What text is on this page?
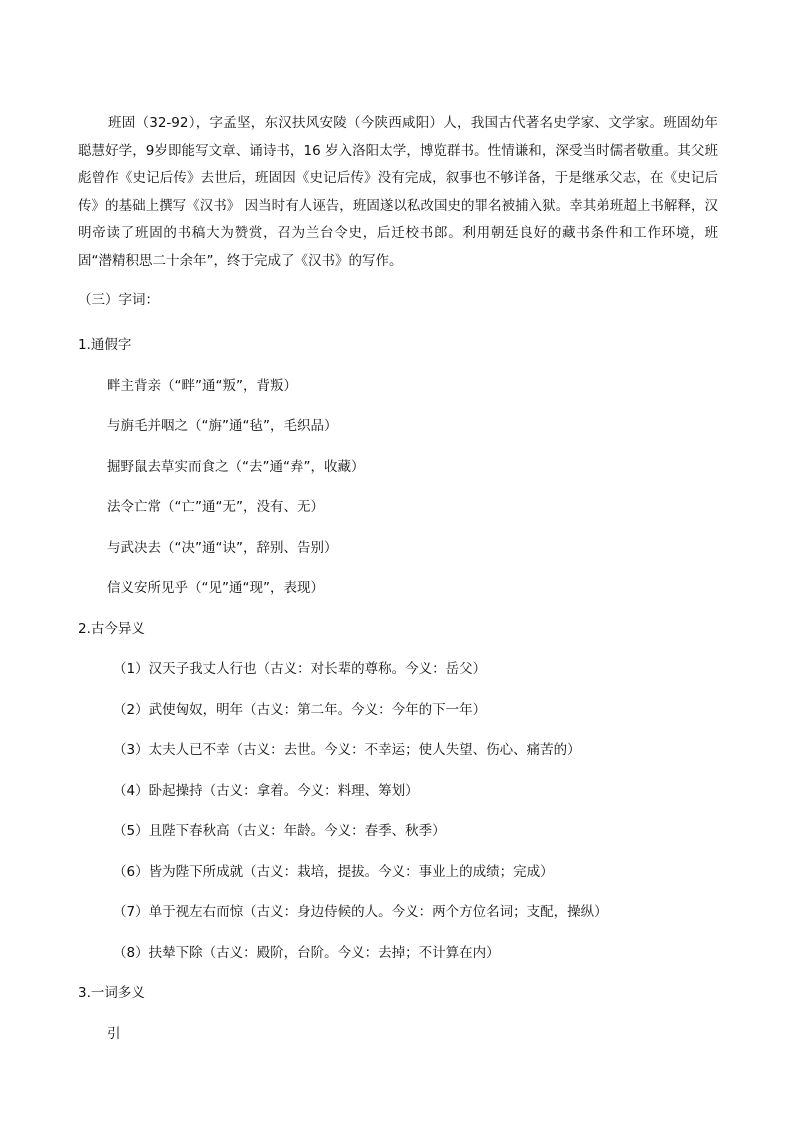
班固（32-92），字孟坚，东汉扶风安陵（今陕西咸阳）人，我国古代著名史学家、文学家。班固幼年聪慧好学，9岁即能写文章、诵诗书，16 岁入洛阳太学，博览群书。性情谦和，深受当时儒者敬重。其父班彪曾作《史记后传》去世后，班固因《史记后传》没有完成，叙事也不够详备，于是继承父志，在《史记后传》的基础上撰写《汉书》 因当时有人诬告，班固遂以私改国史的罪名被捕入狱。幸其弟班超上书解释，汉明帝读了班固的书稿大为赞赏，召为兰台令史，后迁校书郎。利用朝廷良好的藏书条件和工作环境，班固“潜精积思二十余年”，终于完成了《汉书》的写作。

（三）字词：
1.通假字
畔主背亲（“畔”通“叛”，背叛）
与旃毛并咽之（“旃”通“毡”，毛织品）
掘野鼠去草实而食之（“去”通“弆”，收藏）
法令亡常（“亡”通“无”，没有、无）
与武决去（“决”通“诀”，辞别、告别）
信义安所见乎（“见”通“现”，表现）
2.古今异义
（1）汉天子我丈人行也（古义：对长辈的尊称。今义：岳父）
（2）武使匈奴，明年（古义：第二年。今义：今年的下一年）
（3）太夫人已不幸（古义：去世。今义：不幸运；使人失望、伤心、痛苦的）
（4）卧起操持（古义：拿着。今义：料理、筹划）
（5）且陛下春秋高（古义：年龄。今义：春季、秋季）
（6）皆为陛下所成就（古义：栽培，提拔。今义：事业上的成绩；完成）
（7）单于视左右而惊（古义：身边侍候的人。今义：两个方位名词；支配，操纵）
（8）扶辇下除（古义：殿阶，台阶。今义：去掉；不计算在内）
3.一词多义
引
